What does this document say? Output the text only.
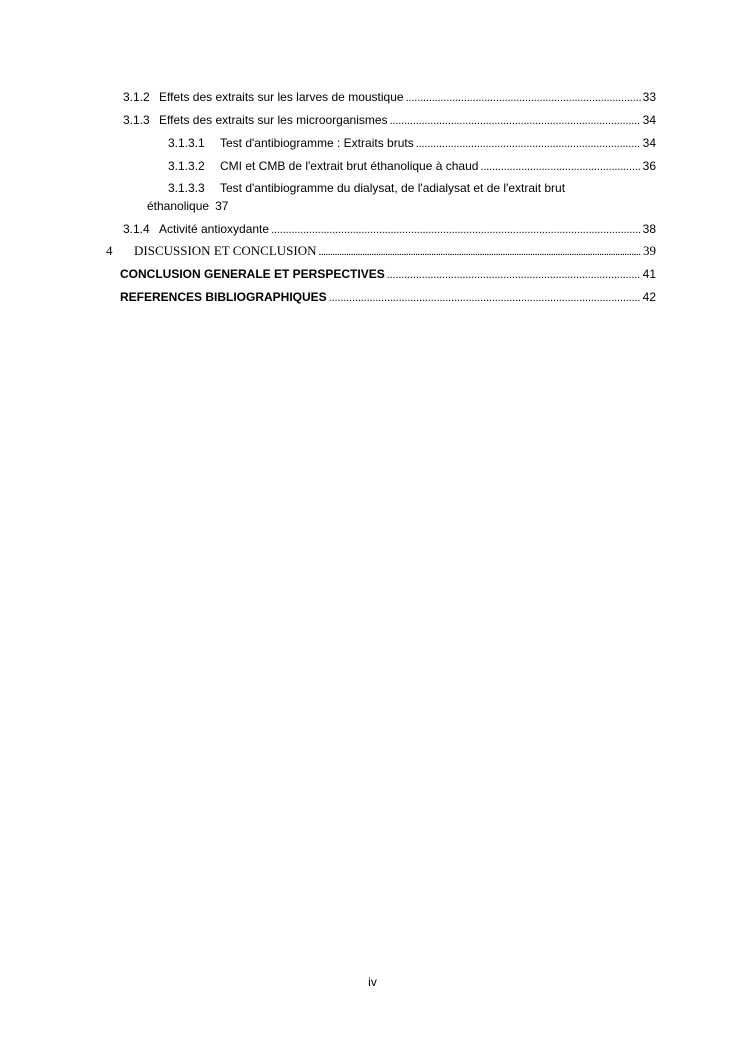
3.1.2 Effets des extraits sur les larves de moustique . . .	33
3.1.3 Effets des extraits sur les microorganismes . . .	34
3.1.3.1	Test d'antibiogramme : Extraits bruts . . .	34
3.1.3.2	CMI et CMB de l'extrait brut éthanolique à chaud . . .	36
3.1.3.3 Test d'antibiogramme du dialysat, de l'adialysat et de l'extrait brut
éthanolique 37
3.1.4 Activité antioxydante . . .	38
4	DISCUSSION ET CONCLUSION . . .	39
CONCLUSION GENERALE ET PERSPECTIVES . . .	41
REFERENCES BIBLIOGRAPHIQUES . . .	42
iv
